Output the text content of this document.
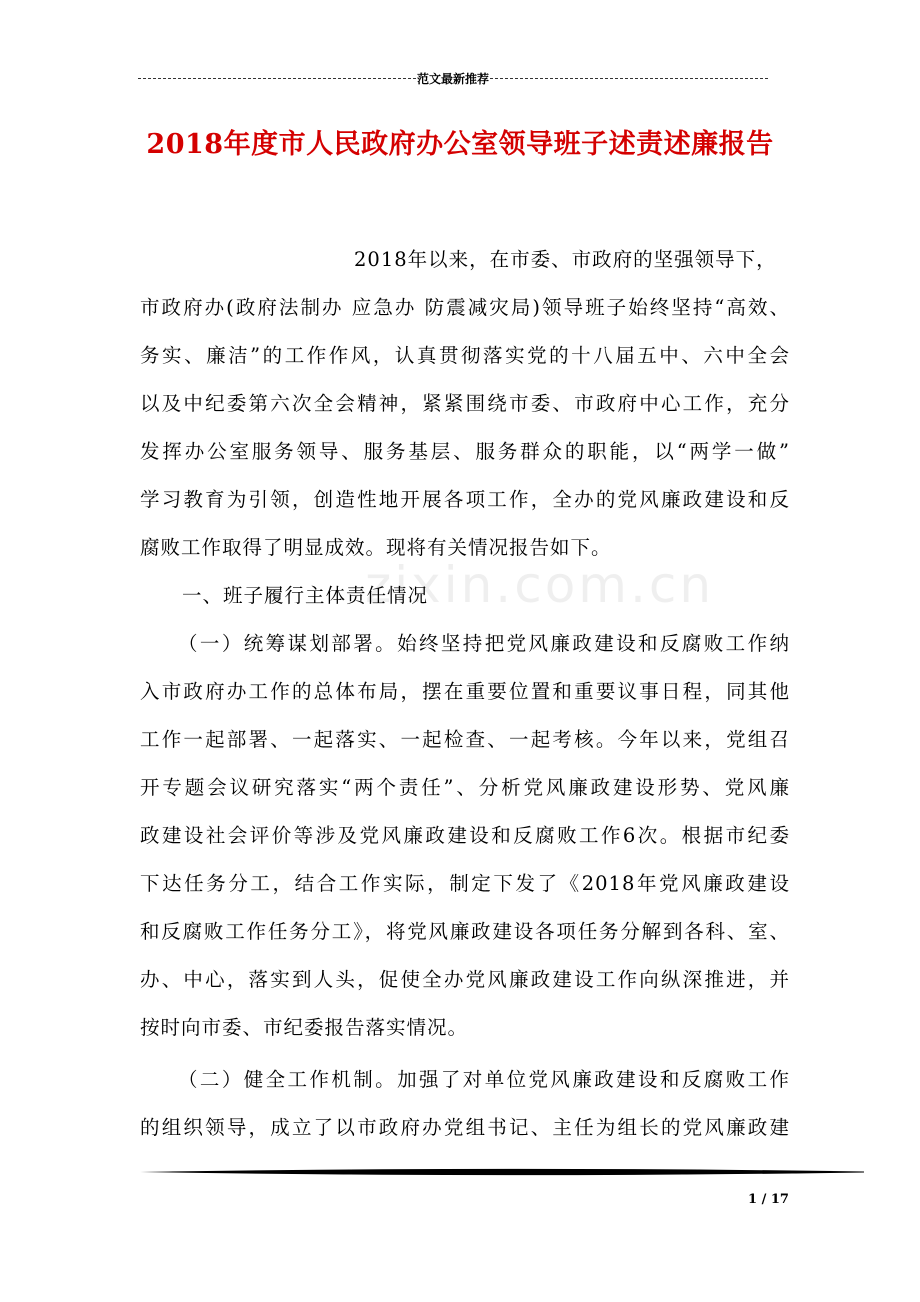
范文最新推荐
2018年度市人民政府办公室领导班子述责述廉报告
zixin.com.cn
2018年以来，在市委、市政府的坚强领导下，
市政府办(政府法制办 应急办 防震减灾局)领导班子始终坚持“高效、
务实、廉洁”的工作作风，认真贯彻落实党的十八届五中、六中全会
以及中纪委第六次全会精神，紧紧围绕市委、市政府中心工作，充分
发挥办公室服务领导、服务基层、服务群众的职能，以“两学一做”
学习教育为引领，创造性地开展各项工作，全办的党风廉政建设和反
腐败工作取得了明显成效。现将有关情况报告如下。
一、班子履行主体责任情况
（一）统筹谋划部署。始终坚持把党风廉政建设和反腐败工作纳
入市政府办工作的总体布局，摆在重要位置和重要议事日程，同其他
工作一起部署、一起落实、一起检查、一起考核。今年以来，党组召
开专题会议研究落实“两个责任”、分析党风廉政建设形势、党风廉
政建设社会评价等涉及党风廉政建设和反腐败工作6次。根据市纪委
下达任务分工，结合工作实际，制定下发了《2018年党风廉政建设
和反腐败工作任务分工》，将党风廉政建设各项任务分解到各科、室、
办、中心，落实到人头，促使全办党风廉政建设工作向纵深推进，并
按时向市委、市纪委报告落实情况。
（二）健全工作机制。加强了对单位党风廉政建设和反腐败工作
的组织领导，成立了以市政府办党组书记、主任为组长的党风廉政建
1 / 17
